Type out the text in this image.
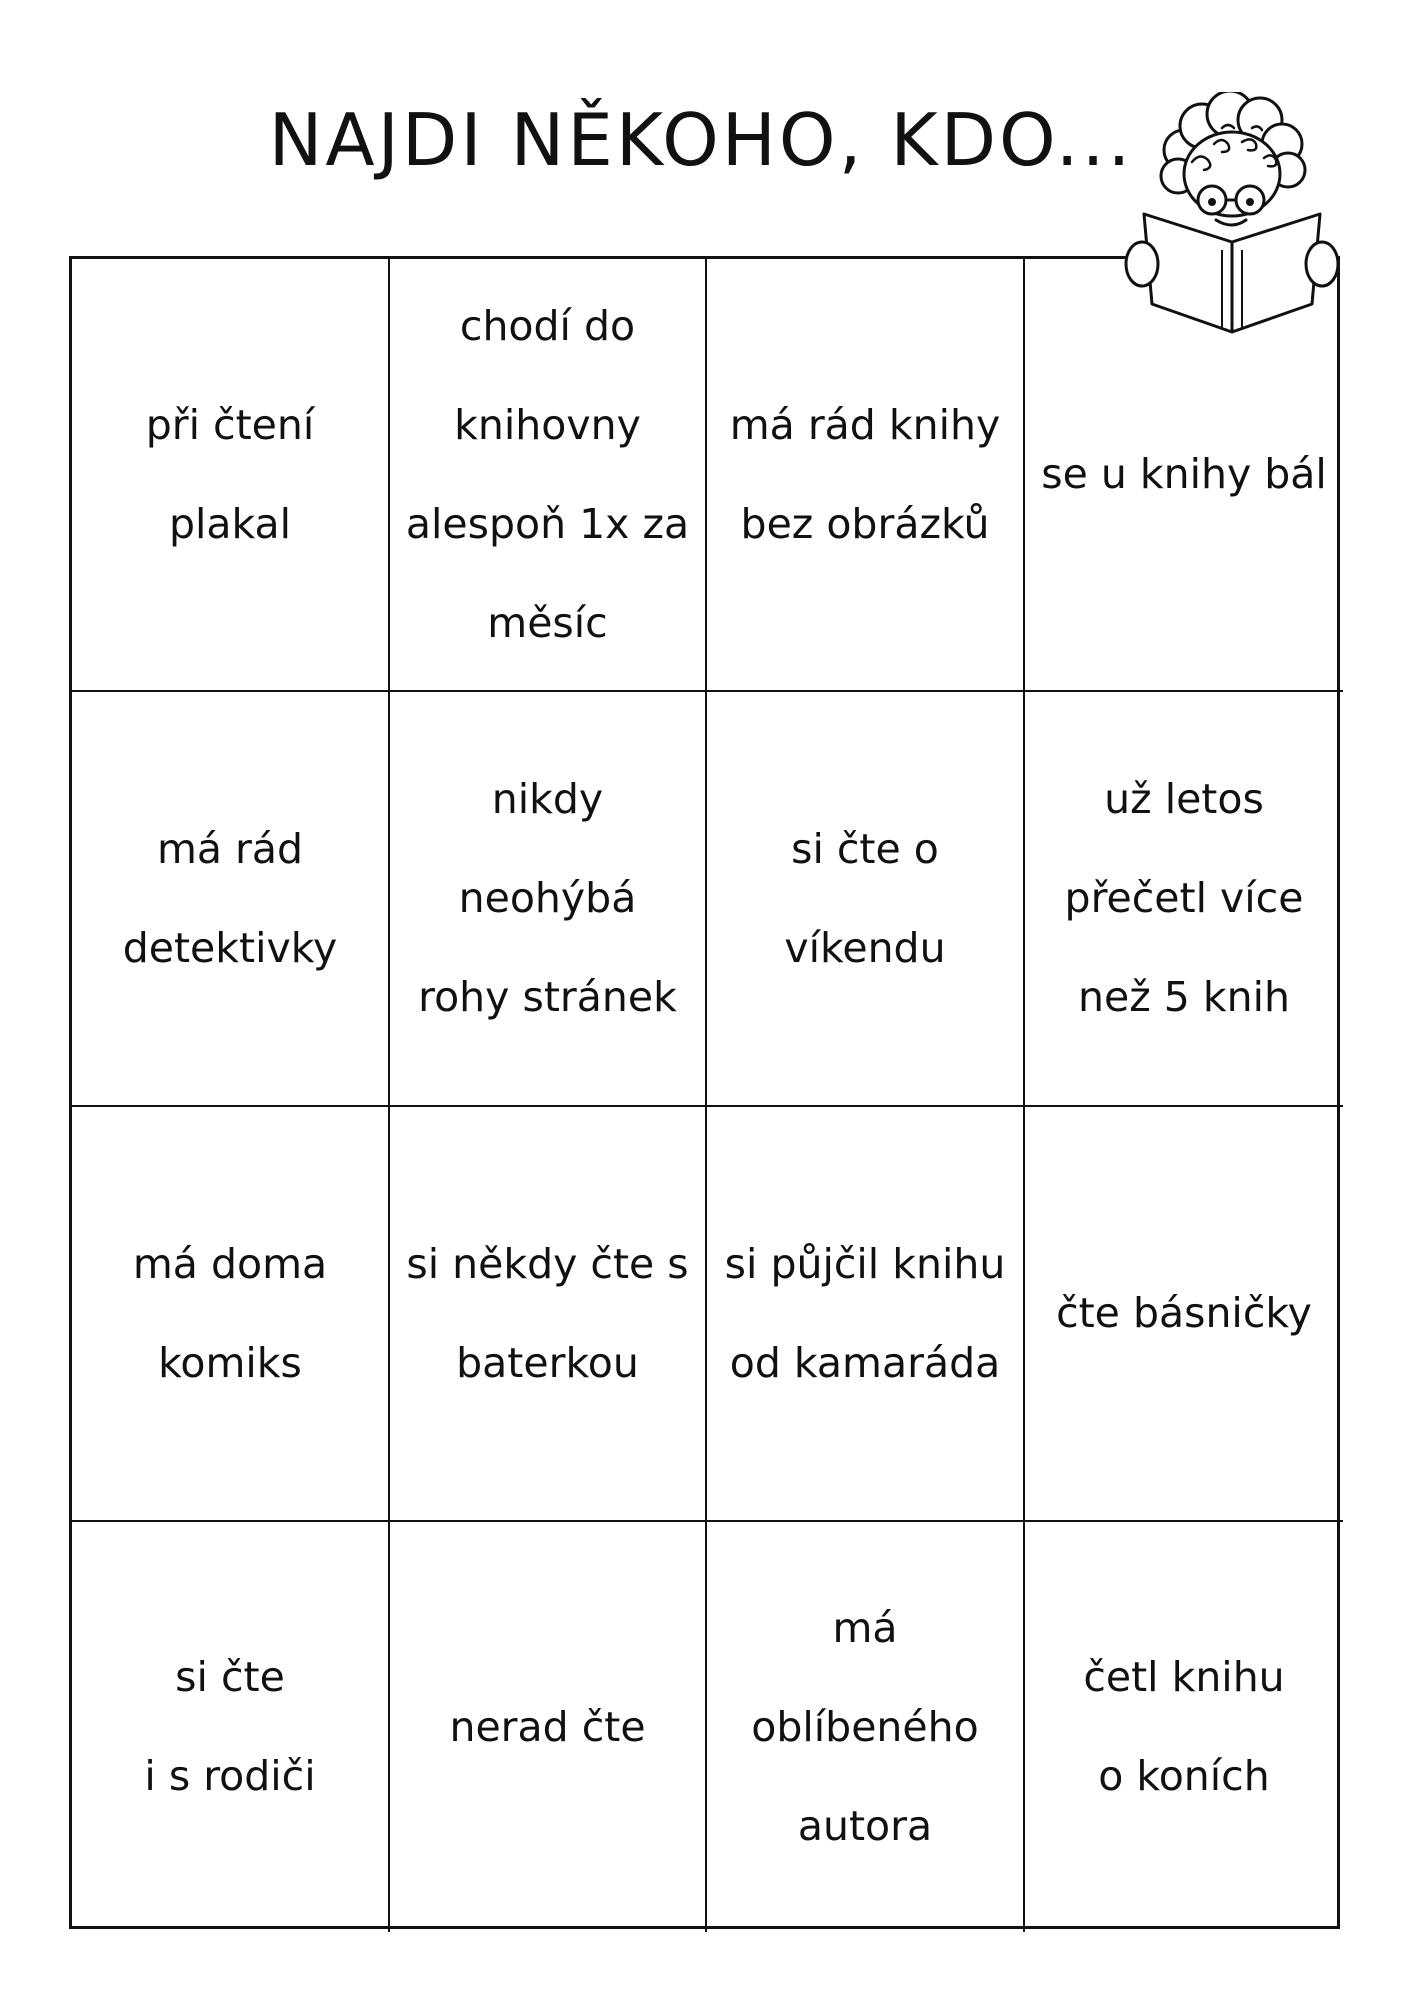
NAJDI NĚKOHO, KDO...
při čtení
plakal
chodí do
knihovny
alespoň 1x za
měsíc
má rád knihy
bez obrázků
se u knihy bál
má rád
detektivky
nikdy neohýbá
rohy stránek
si čte o
víkendu
už letos
přečetl více
než 5 knih
má doma
komiks
si někdy čte s
baterkou
si půjčil knihu
od kamaráda
čte básničky
si čte
i s rodiči
nerad čte
má oblíbeného
autora
četl knihu
o koních
